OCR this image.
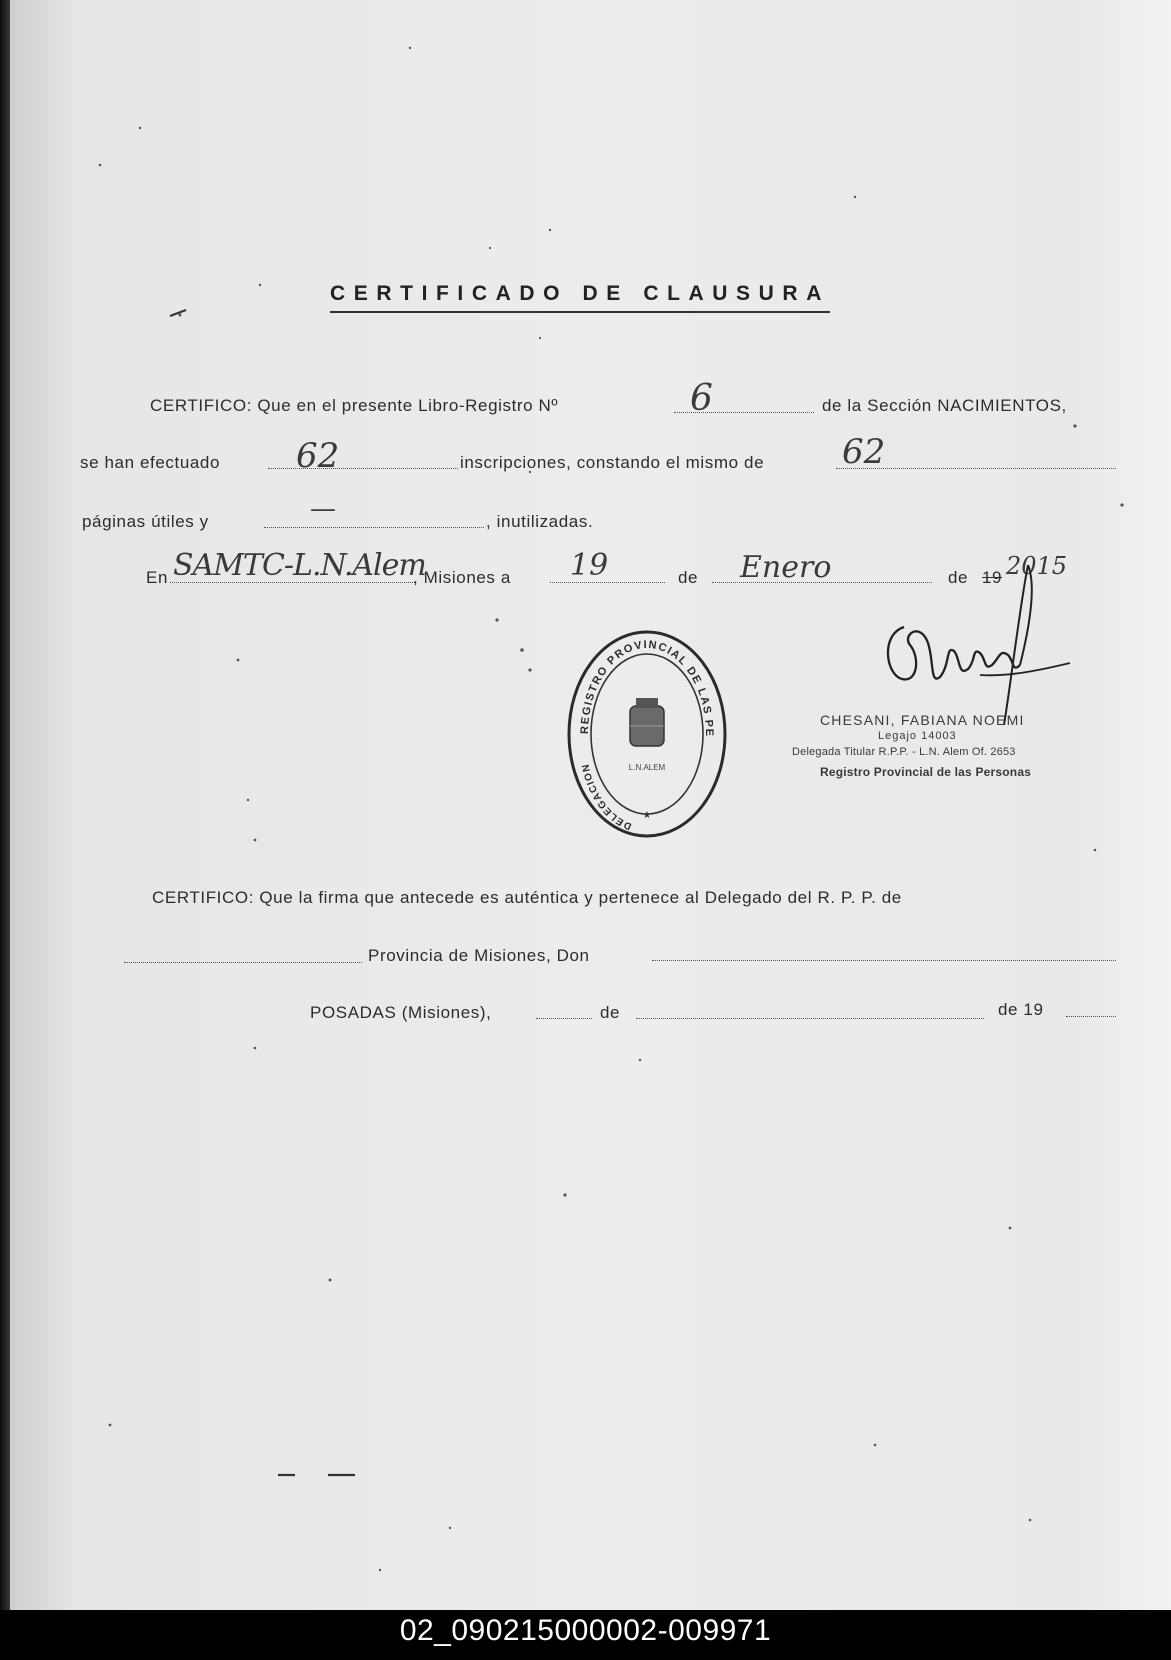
CERTIFICADO DE CLAUSURA
CERTIFICO: Que en el presente Libro-Registro Nº	6	de la Sección NACIMIENTOS,
se han efectuado 62	inscripciones, constando el mismo de 62
páginas útiles y	—	, inutilizadas.
En SAMTC-L.N.Alem
, Misiones a 19	de Enero	de 19 2015
REGISTRO PROVINCIAL DE LAS PE
DELEGACION	L.N.ALEM
★
CHESANI, FABIANA NOEMI
Legajo 14003
Delegada Titular R.P.P. - L.N. Alem Of. 2653
Registro Provincial de las Personas
CERTIFICO: Que la firma que antecede es auténtica y pertenece al Delegado del R. P. P. de
Provincia de Misiones, Don
POSADAS (Misiones),	de	de 19
02_090215000002-009971
